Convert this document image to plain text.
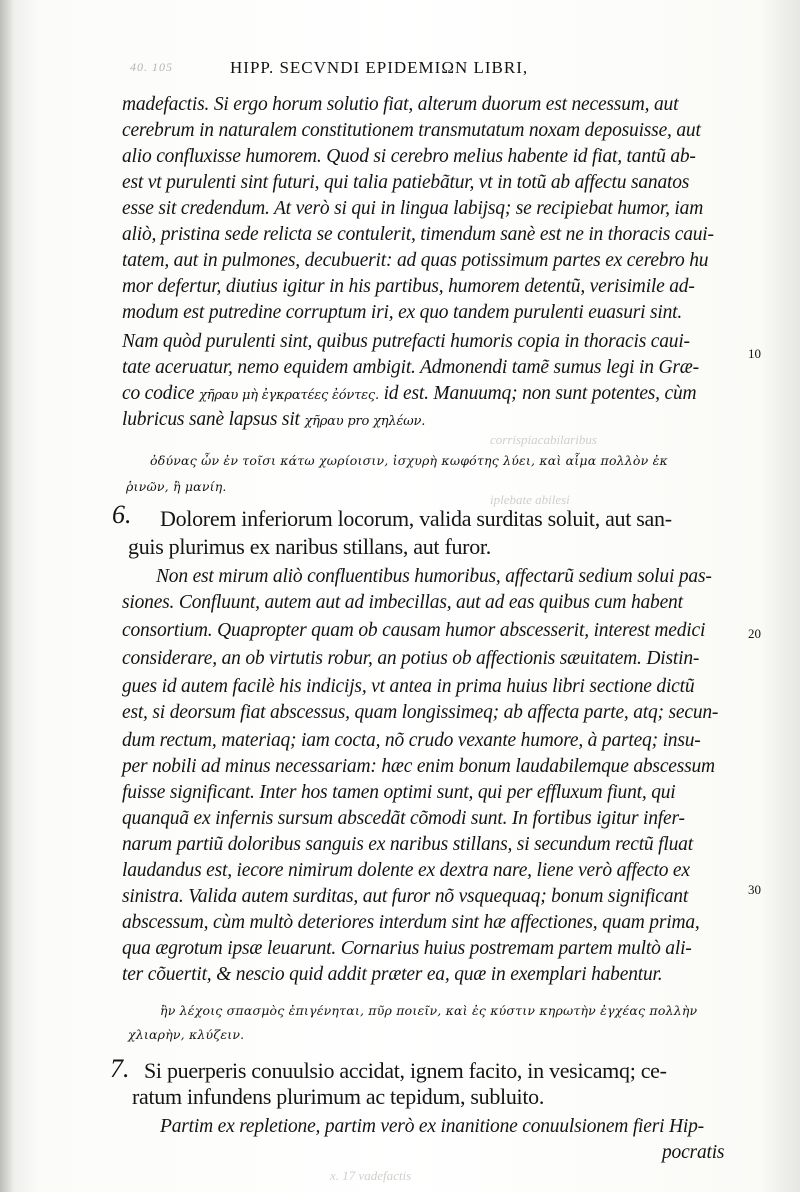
corrispiacabilaribus
iplebate abilesi
x. 17 vadefactis
40. 105	HIPP. SECVNDI EPIDEMIΩN LIBRI,
10
20
30
6.
7.
madefactis. Si ergo horum solutio fiat, alterum duorum est necessum, aut
cerebrum in naturalem constitutionem transmutatum noxam deposuisse, aut
alio confluxisse humorem. Quod si cerebro melius habente id fiat, tantũ ab-
est vt purulenti sint futuri, qui talia patiebãtur, vt in totũ ab affectu sanatos
esse sit credendum. At verò si qui in lingua labijsq; se recipiebat humor, iam
aliò, pristina sede relicta se contulerit, timendum sanè est ne in thoracis caui-
tatem, aut in pulmones, decubuerit: ad quas potissimum partes ex cerebro hu
mor defertur, diutius igitur in his partibus, humorem detentũ, verisimile ad-
modum est putredine corruptum iri, ex quo tandem purulenti euasuri sint.
Nam quòd purulenti sint, quibus putrefacti humoris copia in thoracis caui-
tate aceruatur, nemo equidem ambigit. Admonendi tamẽ sumus legi in Græ-
co codice χῆραυ μὴ ἐγκρατέες ἐόντες. id est. Manuumq; non sunt potentes, cùm
lubricus sanè lapsus sit χῆραυ pro χηλέων.
ὀδύνας ὦν ἐν τοῖσι κάτω χωρίοισιν, ἰσχυρὴ κωφότης λύει, καὶ αἷμα πολλὸν ἐκ
ῥινῶν, ἢ μανίη.
Dolorem inferiorum locorum, valida surditas soluit, aut san-
guis plurimus ex naribus stillans, aut furor.
Non est mirum aliò confluentibus humoribus, affectarũ sedium solui pas-
siones. Confluunt, autem aut ad imbecillas, aut ad eas quibus cum habent
consortium. Quapropter quam ob causam humor abscesserit, interest medici
considerare, an ob virtutis robur, an potius ob affectionis sæuitatem. Distin-
gues id autem facilè his indicijs, vt antea in prima huius libri sectione dictũ
est, si deorsum fiat abscessus, quam longissimeq; ab affecta parte, atq; secun-
dum rectum, materiaq; iam cocta, nõ crudo vexante humore, à parteq; insu-
per nobili ad minus necessariam: hæc enim bonum laudabilemque abscessum
fuisse significant. Inter hos tamen optimi sunt, qui per effluxum fiunt, qui
quanquã ex infernis sursum abscedãt cõmodi sunt. In fortibus igitur infer-
narum partiũ doloribus sanguis ex naribus stillans, si secundum rectũ fluat
laudandus est, iecore nimirum dolente ex dextra nare, liene verò affecto ex
sinistra. Valida autem surditas, aut furor nõ vsquequaq; bonum significant
abscessum, cùm multò deteriores interdum sint hæ affectiones, quam prima,
qua ægrotum ipsæ leuarunt. Cornarius huius postremam partem multò ali-
ter cõuertit, & nescio quid addit præter ea, quæ in exemplari habentur.
ἢν λέχοις σπασμὸς ἐπιγένηται, πῦρ ποιεῖν, καὶ ἐς κύστιν κηρωτὴν ἐγχέας πολλὴν
χλιαρὴν, κλύζειν.
Si puerperis conuulsio accidat, ignem facito, in vesicamq; ce-
ratum infundens plurimum ac tepidum, subluito.
Partim ex repletione, partim verò ex inanitione conuulsionem fieri Hip-
pocratis
